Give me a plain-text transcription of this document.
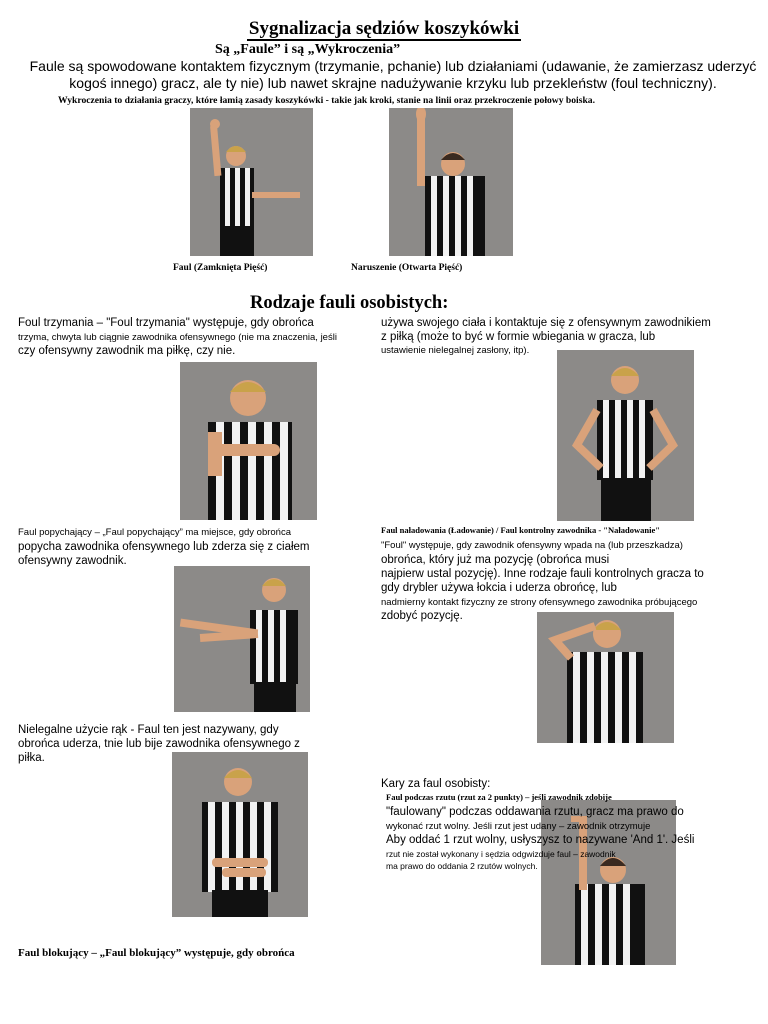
Sygnalizacja sędziów koszykówki
Są „Faule” i są „Wykroczenia”
Faule są spowodowane kontaktem fizycznym (trzymanie, pchanie) lub działaniami (udawanie, że zamierzasz uderzyć kogoś innego) gracz, ale ty nie) lub nawet skrajne nadużywanie krzyku lub przekleństw (foul techniczny).
Wykroczenia to działania graczy, które łamią zasady koszykówki - takie jak kroki, stanie na linii oraz przekroczenie połowy boiska.
Faul (Zamknięta Pięść)	Naruszenie (Otwarta Pięść)
Rodzaje fauli osobistych:
Foul trzymania – "Foul trzymania" występuje, gdy obrońca
trzyma, chwyta lub ciągnie zawodnika ofensywnego (nie ma znaczenia, jeśli
czy ofensywny zawodnik ma piłkę, czy nie.
używa swojego ciała i kontaktuje się z ofensywnym zawodnikiem
z piłką (może to być w formie wbiegania w gracza, lub
ustawienie nielegalnej zasłony, itp).
Faul popychający – „Faul popychający” ma miejsce, gdy obrońca
popycha zawodnika ofensywnego lub zderza się z ciałem
ofensywny zawodnik.
Faul naładowania (Ładowanie) / Faul kontrolny zawodnika - "Naładowanie"
"Foul" występuje, gdy zawodnik ofensywny wpada na (lub przeszkadza)
obrońca, który już ma pozycję (obrońca musi
najpierw ustal pozycję). Inne rodzaje fauli kontrolnych gracza to
gdy drybler używa łokcia i uderza obrońcę, lub
nadmierny kontakt fizyczny ze strony ofensywnego zawodnika próbującego
zdobyć pozycję.
Nielegalne użycie rąk - Faul ten jest nazywany, gdy
obrońca uderza, tnie lub bije zawodnika ofensywnego z
piłka.
Kary za faul osobisty:
Faul podczas rzutu (rzut za 2 punkty) – jeśli zawodnik zdobije
"faulowany" podczas oddawania rzutu, gracz ma prawo do
wykonać rzut wolny. Jeśli rzut jest udany – zawodnik otrzymuje
Aby oddać 1 rzut wolny, usłyszysz to nazywane 'And 1'. Jeśli
rzut nie został wykonany i sędzia odgwizduje faul – zawodnik
ma prawo do oddania 2 rzutów wolnych.
Faul blokujący – „Faul blokujący” występuje, gdy obrońca
